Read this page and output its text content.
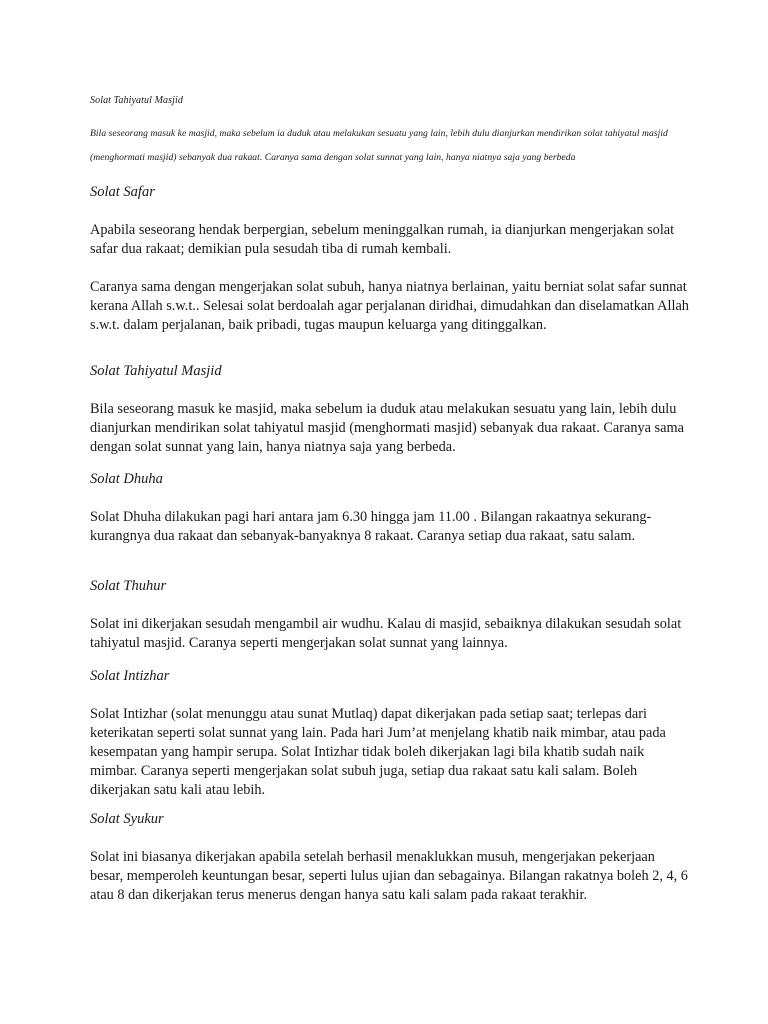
Solat Tahiyatul Masjid
Bila seseorang masuk ke masjid, maka sebelum ia duduk atau melakukan sesuatu yang lain, lebih dulu dianjurkan mendirikan solat tahiyatul masjid
(menghormati masjid) sebanyak dua rakaat. Caranya sama dengan solat sunnat yang lain, hanya niatnya saja yang berbeda

Solat Safar

Apabila seseorang hendak berpergian, sebelum meninggalkan rumah, ia dianjurkan mengerjakan solat safar dua rakaat; demikian pula sesudah tiba di rumah kembali.

Caranya sama dengan mengerjakan solat subuh, hanya niatnya berlainan, yaitu berniat solat safar sunnat kerana Allah s.w.t.. Selesai solat berdoalah agar perjalanan diridhai, dimudahkan dan diselamatkan Allah s.w.t. dalam perjalanan, baik pribadi, tugas maupun keluarga yang ditinggalkan.

Solat Tahiyatul Masjid

Bila seseorang masuk ke masjid, maka sebelum ia duduk atau melakukan sesuatu yang lain, lebih dulu dianjurkan mendirikan solat tahiyatul masjid (menghormati masjid) sebanyak dua rakaat. Caranya sama dengan solat sunnat yang lain, hanya niatnya saja yang berbeda.

Solat Dhuha

Solat Dhuha dilakukan pagi hari antara jam 6.30 hingga jam 11.00 . Bilangan rakaatnya sekurang-kurangnya dua rakaat dan sebanyak-banyaknya 8 rakaat. Caranya setiap dua rakaat, satu salam.

Solat Thuhur

Solat ini dikerjakan sesudah mengambil air wudhu. Kalau di masjid, sebaiknya dilakukan sesudah solat tahiyatul masjid. Caranya seperti mengerjakan solat sunnat yang lainnya.

Solat Intizhar

Solat Intizhar (solat menunggu atau sunat Mutlaq) dapat dikerjakan pada setiap saat; terlepas dari keterikatan seperti solat sunnat yang lain. Pada hari Jum’at menjelang khatib naik mimbar, atau pada kesempatan yang hampir serupa. Solat Intizhar tidak boleh dikerjakan lagi bila khatib sudah naik mimbar. Caranya seperti mengerjakan solat subuh juga, setiap dua rakaat satu kali salam. Boleh dikerjakan satu kali atau lebih.

Solat Syukur

Solat ini biasanya dikerjakan apabila setelah berhasil menaklukkan musuh, mengerjakan pekerjaan besar, memperoleh keuntungan besar, seperti lulus ujian dan sebagainya. Bilangan rakatnya boleh 2, 4, 6 atau 8 dan dikerjakan terus menerus dengan hanya satu kali salam pada rakaat terakhir.
